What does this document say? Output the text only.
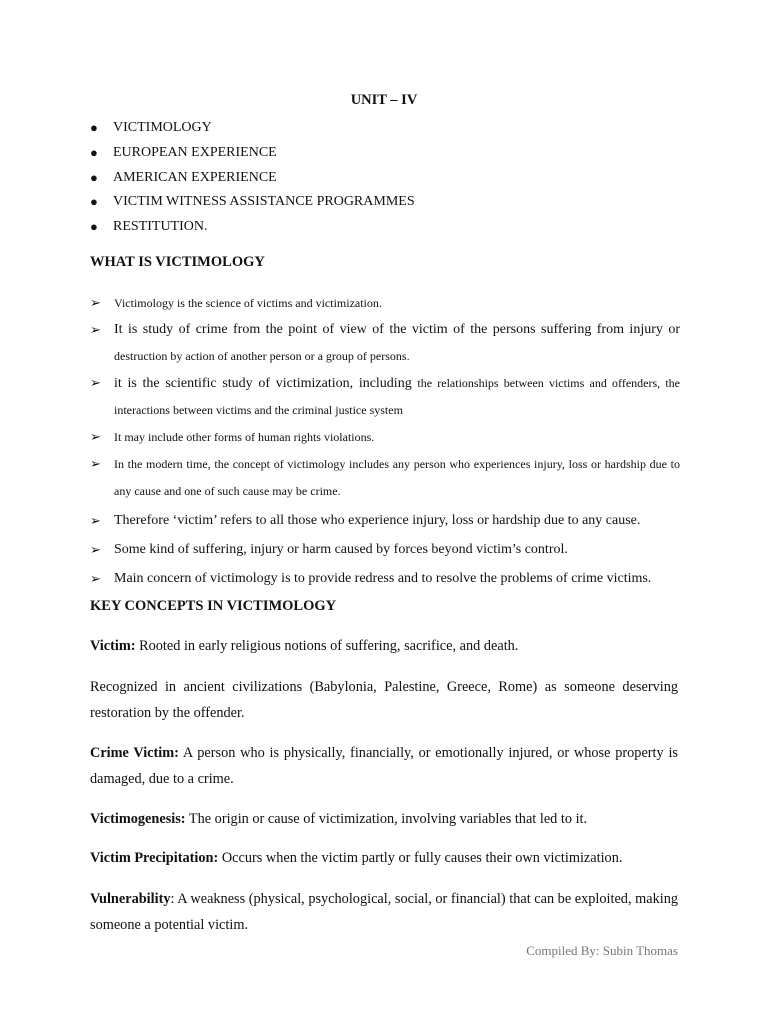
UNIT – IV
● VICTIMOLOGY
● EUROPEAN EXPERIENCE
● AMERICAN EXPERIENCE
● VICTIM WITNESS ASSISTANCE PROGRAMMES
● RESTITUTION.
WHAT IS VICTIMOLOGY
➢ Victimology is the science of victims and victimization.
➢ It is study of crime from the point of view of the victim of the persons suffering from injury or destruction by action of another person or a group of persons.
➢ it is the scientific study of victimization, including the relationships between victims and offenders, the interactions between victims and the criminal justice system
➢ It may include other forms of human rights violations.
➢ In the modern time, the concept of victimology includes any person who experiences injury, loss or hardship due to any cause and one of such cause may be crime.
➢ Therefore ‘victim’ refers to all those who experience injury, loss or hardship due to any cause.
➢ Some kind of suffering, injury or harm caused by forces beyond victim’s control.
➢ Main concern of victimology is to provide redress and to resolve the problems of crime victims.
KEY CONCEPTS IN VICTIMOLOGY

Victim: Rooted in early religious notions of suffering, sacrifice, and death.

Recognized in ancient civilizations (Babylonia, Palestine, Greece, Rome) as someone deserving restoration by the offender.

Crime Victim: A person who is physically, financially, or emotionally injured, or whose property is damaged, due to a crime.

Victimogenesis: The origin or cause of victimization, involving variables that led to it.

Victim Precipitation: Occurs when the victim partly or fully causes their own victimization.

Vulnerability: A weakness (physical, psychological, social, or financial) that can be exploited, making someone a potential victim.

Compiled By: Subin Thomas
